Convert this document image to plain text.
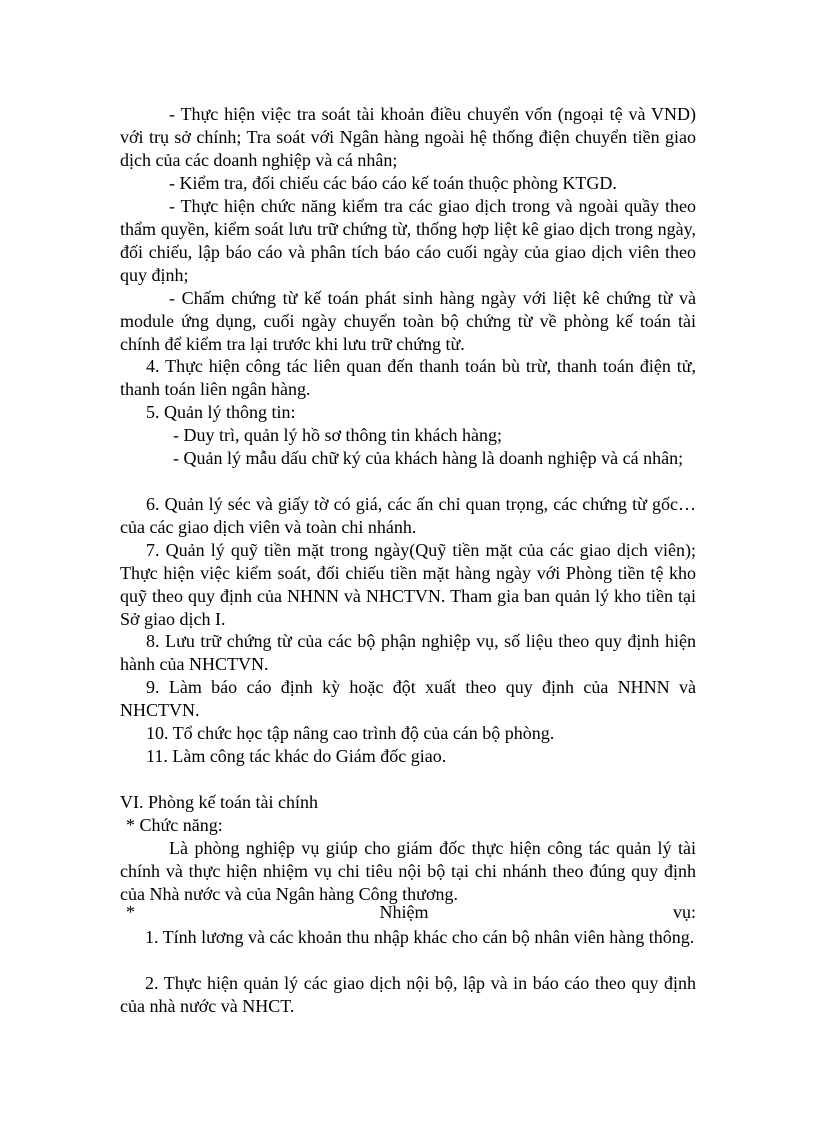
- Thực hiện việc tra soát tài khoản điều chuyển vốn (ngoại tệ và VND) với trụ sở chính; Tra soát với Ngân hàng ngoài hệ thống điện chuyển tiền giao dịch của các doanh nghiệp và cá nhân;

- Kiểm tra, đối chiếu các báo cáo kế toán thuộc phòng KTGD.

- Thực hiện chức năng kiểm tra các giao dịch trong và ngoài quầy theo thẩm quyền, kiểm soát lưu trữ chứng từ, thống hợp liệt kê giao dịch trong ngày, đối chiếu, lập báo cáo và phân tích báo cáo cuối ngày của giao dịch viên theo quy định;

- Chấm chứng từ kế toán phát sinh hàng ngày với liệt kê chứng từ và module ứng dụng, cuối ngày chuyển toàn bộ chứng từ về phòng kế toán tài chính để kiểm tra lại trước khi lưu trữ chứng từ.

4. Thực hiện công tác liên quan đến thanh toán bù trừ, thanh toán điện tử, thanh toán liên ngân hàng.

5. Quản lý thông tin:

- Duy trì, quản lý hồ sơ thông tin khách hàng;

- Quản lý mẫu dấu chữ ký của khách hàng là doanh nghiệp và cá nhân;

6. Quản lý séc và giấy tờ có giá, các ấn chỉ quan trọng, các chứng từ gốc…của các giao dịch viên và toàn chi nhánh.

7. Quản lý quỹ tiền mặt trong ngày(Quỹ tiền mặt của các giao dịch viên); Thực hiện việc kiểm soát, đối chiếu tiền mặt hàng ngày với Phòng tiền tệ kho quỹ theo quy định của NHNN và NHCTVN. Tham gia ban quản lý kho tiền tại Sở giao dịch I.

8. Lưu trữ chứng từ của các bộ phận nghiệp vụ, số liệu theo quy định hiện hành của NHCTVN.

9. Làm báo cáo định kỳ hoặc đột xuất theo quy định của NHNN và NHCTVN.

10. Tổ chức học tập nâng cao trình độ của cán bộ phòng.

11. Làm công tác khác do Giám đốc giao.

VI. Phòng kế toán tài chính

* Chức năng:

Là phòng nghiệp vụ giúp cho giám đốc thực hiện công tác quản lý tài chính và thực hiện nhiệm vụ chi tiêu nội bộ tại chi nhánh theo đúng quy định của Nhà nước và của Ngân hàng Công thương.

*	Nhiệm	vụ:

1. Tính lương và các khoản thu nhập khác cho cán bộ nhân viên hàng thông.

2. Thực hiện quản lý các giao dịch nội bộ, lập và in báo cáo theo quy định của nhà nước và NHCT.
